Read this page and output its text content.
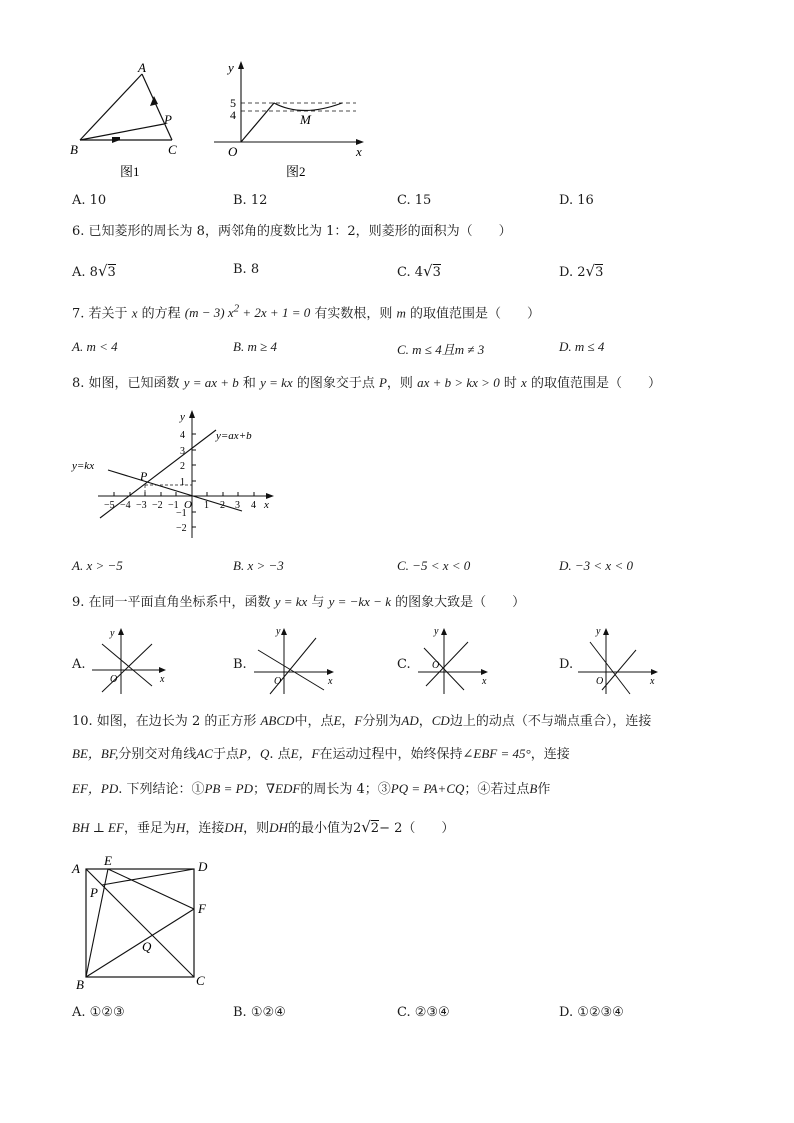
A
B	C
P
图1
y
x
O
5
4	M
图2
A. 10	B. 12	C. 15	D. 16
6. 已知菱形的周长为 8，两邻角的度数比为 1：2，则菱形的面积为（　　）
A. 8√3	B. 8	C. 4√3	D. 2√3
7. 若关于 x 的方程 (m − 3) $x^2 + 2x + 1 = 0$ 有实数根，则 m 的取值范围是（　　）
A. m < 4	B. m ≥ 4	C. m ≤ 4且m ≠ 3	D. m ≤ 4
8. 如图，已知函数 y = ax + b 和 y = kx 的图象交于点 P，则 ax + b > kx > 0 时 x 的取值范围是（　　）
y
x
O
P
y=ax+b
y=kx
4
3
2
1
−1
−2
−5 −4 −3 −2 −1	1 2 3 4
A. x > −5	B. x > −3	C. −5 < x < 0	D. −3 < x < 0
9. 在同一平面直角坐标系中，函数 y = kx 与 y = −kx − k 的图象大致是（　　）
A.
y
x
O
B.
y
x
O
C.
y
x
O	D.
y
x
O
10. 如图，在边长为 2 的正方形 ABCD中，点E，F分别为AD，CD边上的动点（不与端点重合），连接
BE，BF,分别交对角线AC于点P，Q. 点E，F在运动过程中，始终保持∠EBF = 45°，连接
EF，PD. 下列结论：①PB = PD；∇EDF的周长为 4；③PQ = PA+CQ；④若过点B作
BH ⊥ EF，垂足为H，连接DH，则DH的最小值为2√2− 2（　　）
A
E	D
P
F
Q
B	C
A. ①②③	B. ①②④	C. ②③④	D. ①②③④
